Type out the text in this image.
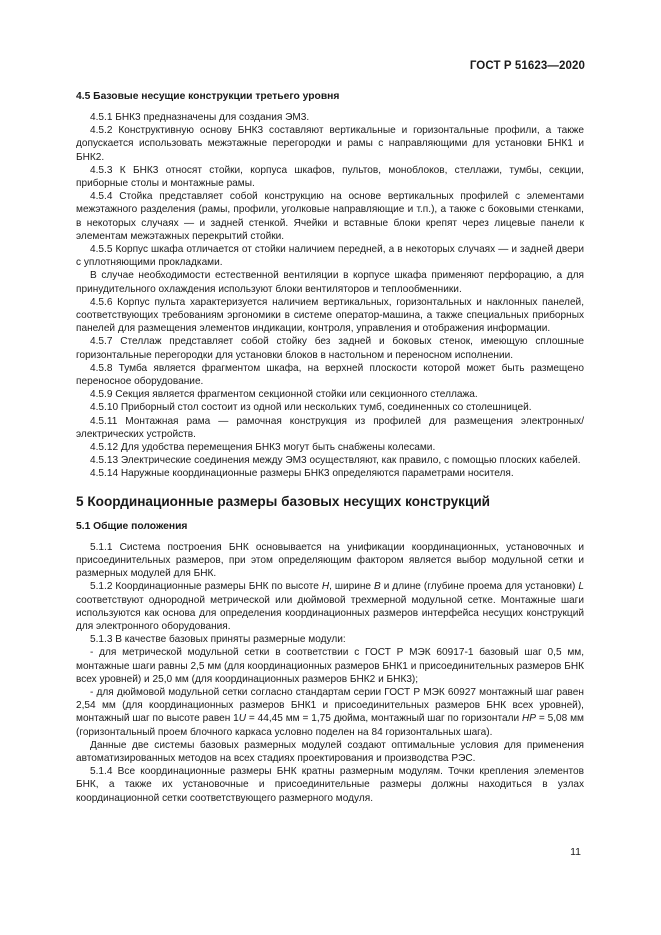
ГОСТ Р 51623—2020
4.5 Базовые несущие конструкции третьего уровня

4.5.1 БНК3 предназначены для создания ЭМ3.

4.5.2 Конструктивную основу БНК3 составляют вертикальные и горизонтальные профили, а также допускается использовать межэтажные перегородки и рамы с направляющими для установки БНК1 и БНК2.

4.5.3 К БНК3 относят стойки, корпуса шкафов, пультов, моноблоков, стеллажи, тумбы, секции, приборные столы и монтажные рамы.

4.5.4 Стойка представляет собой конструкцию на основе вертикальных профилей с элементами межэтажного разделения (рамы, профили, уголковые направляющие и т.п.), а также с боковыми стенками, в некоторых случаях — и задней стенкой. Ячейки и вставные блоки крепят через лицевые панели к элементам межэтажных перекрытий стойки.

4.5.5 Корпус шкафа отличается от стойки наличием передней, а в некоторых случаях — и задней двери с уплотняющими прокладками.

В случае необходимости естественной вентиляции в корпусе шкафа применяют перфорацию, а для принудительного охлаждения используют блоки вентиляторов и теплообменники.

4.5.6 Корпус пульта характеризуется наличием вертикальных, горизонтальных и наклонных панелей, соответствующих требованиям эргономики в системе оператор-машина, а также специальных приборных панелей для размещения элементов индикации, контроля, управления и отображения информации.

4.5.7 Стеллаж представляет собой стойку без задней и боковых стенок, имеющую сплошные горизонтальные перегородки для установки блоков в настольном и переносном исполнении.

4.5.8 Тумба является фрагментом шкафа, на верхней плоскости которой может быть размещено переносное оборудование.

4.5.9 Секция является фрагментом секционной стойки или секционного стеллажа.

4.5.10 Приборный стол состоит из одной или нескольких тумб, соединенных со столешницей.

4.5.11 Монтажная рама — рамочная конструкция из профилей для размещения электронных/электрических устройств.

4.5.12 Для удобства перемещения БНК3 могут быть снабжены колесами.

4.5.13 Электрические соединения между ЭМ3 осуществляют, как правило, с помощью плоских кабелей.

4.5.14 Наружные координационные размеры БНК3 определяются параметрами носителя.

5 Координационные размеры базовых несущих конструкций
5.1 Общие положения

5.1.1 Система построения БНК основывается на унификации координационных, установочных и присоединительных размеров, при этом определяющим фактором является выбор модульной сетки и размерных модулей для БНК.

5.1.2 Координационные размеры БНК по высоте H, ширине B и длине (глубине проема для установки) L соответствуют однородной метрической или дюймовой трехмерной модульной сетке. Монтажные шаги используются как основа для определения координационных размеров интерфейса несущих конструкций для электронного оборудования.

5.1.3 В качестве базовых приняты размерные модули:

- для метрической модульной сетки в соответствии с ГОСТ Р МЭК 60917-1 базовый шаг 0,5 мм, монтажные шаги равны 2,5 мм (для координационных размеров БНК1 и присоединительных размеров БНК всех уровней) и 25,0 мм (для координационных размеров БНК2 и БНК3);

- для дюймовой модульной сетки согласно стандартам серии ГОСТ Р МЭК 60927 монтажный шаг равен 2,54 мм (для координационных размеров БНК1 и присоединительных размеров БНК всех уровней), монтажный шаг по высоте равен 1U = 44,45 мм = 1,75 дюйма, монтажный шаг по горизонтали HP = 5,08 мм (горизонтальный проем блочного каркаса условно поделен на 84 горизонтальных шага).

Данные две системы базовых размерных модулей создают оптимальные условия для применения автоматизированных методов на всех стадиях проектирования и производства РЭС.

5.1.4 Все координационные размеры БНК кратны размерным модулям. Точки крепления элементов БНК, а также их установочные и присоединительные размеры должны находиться в узлах координационной сетки соответствующего размерного модуля.

11
